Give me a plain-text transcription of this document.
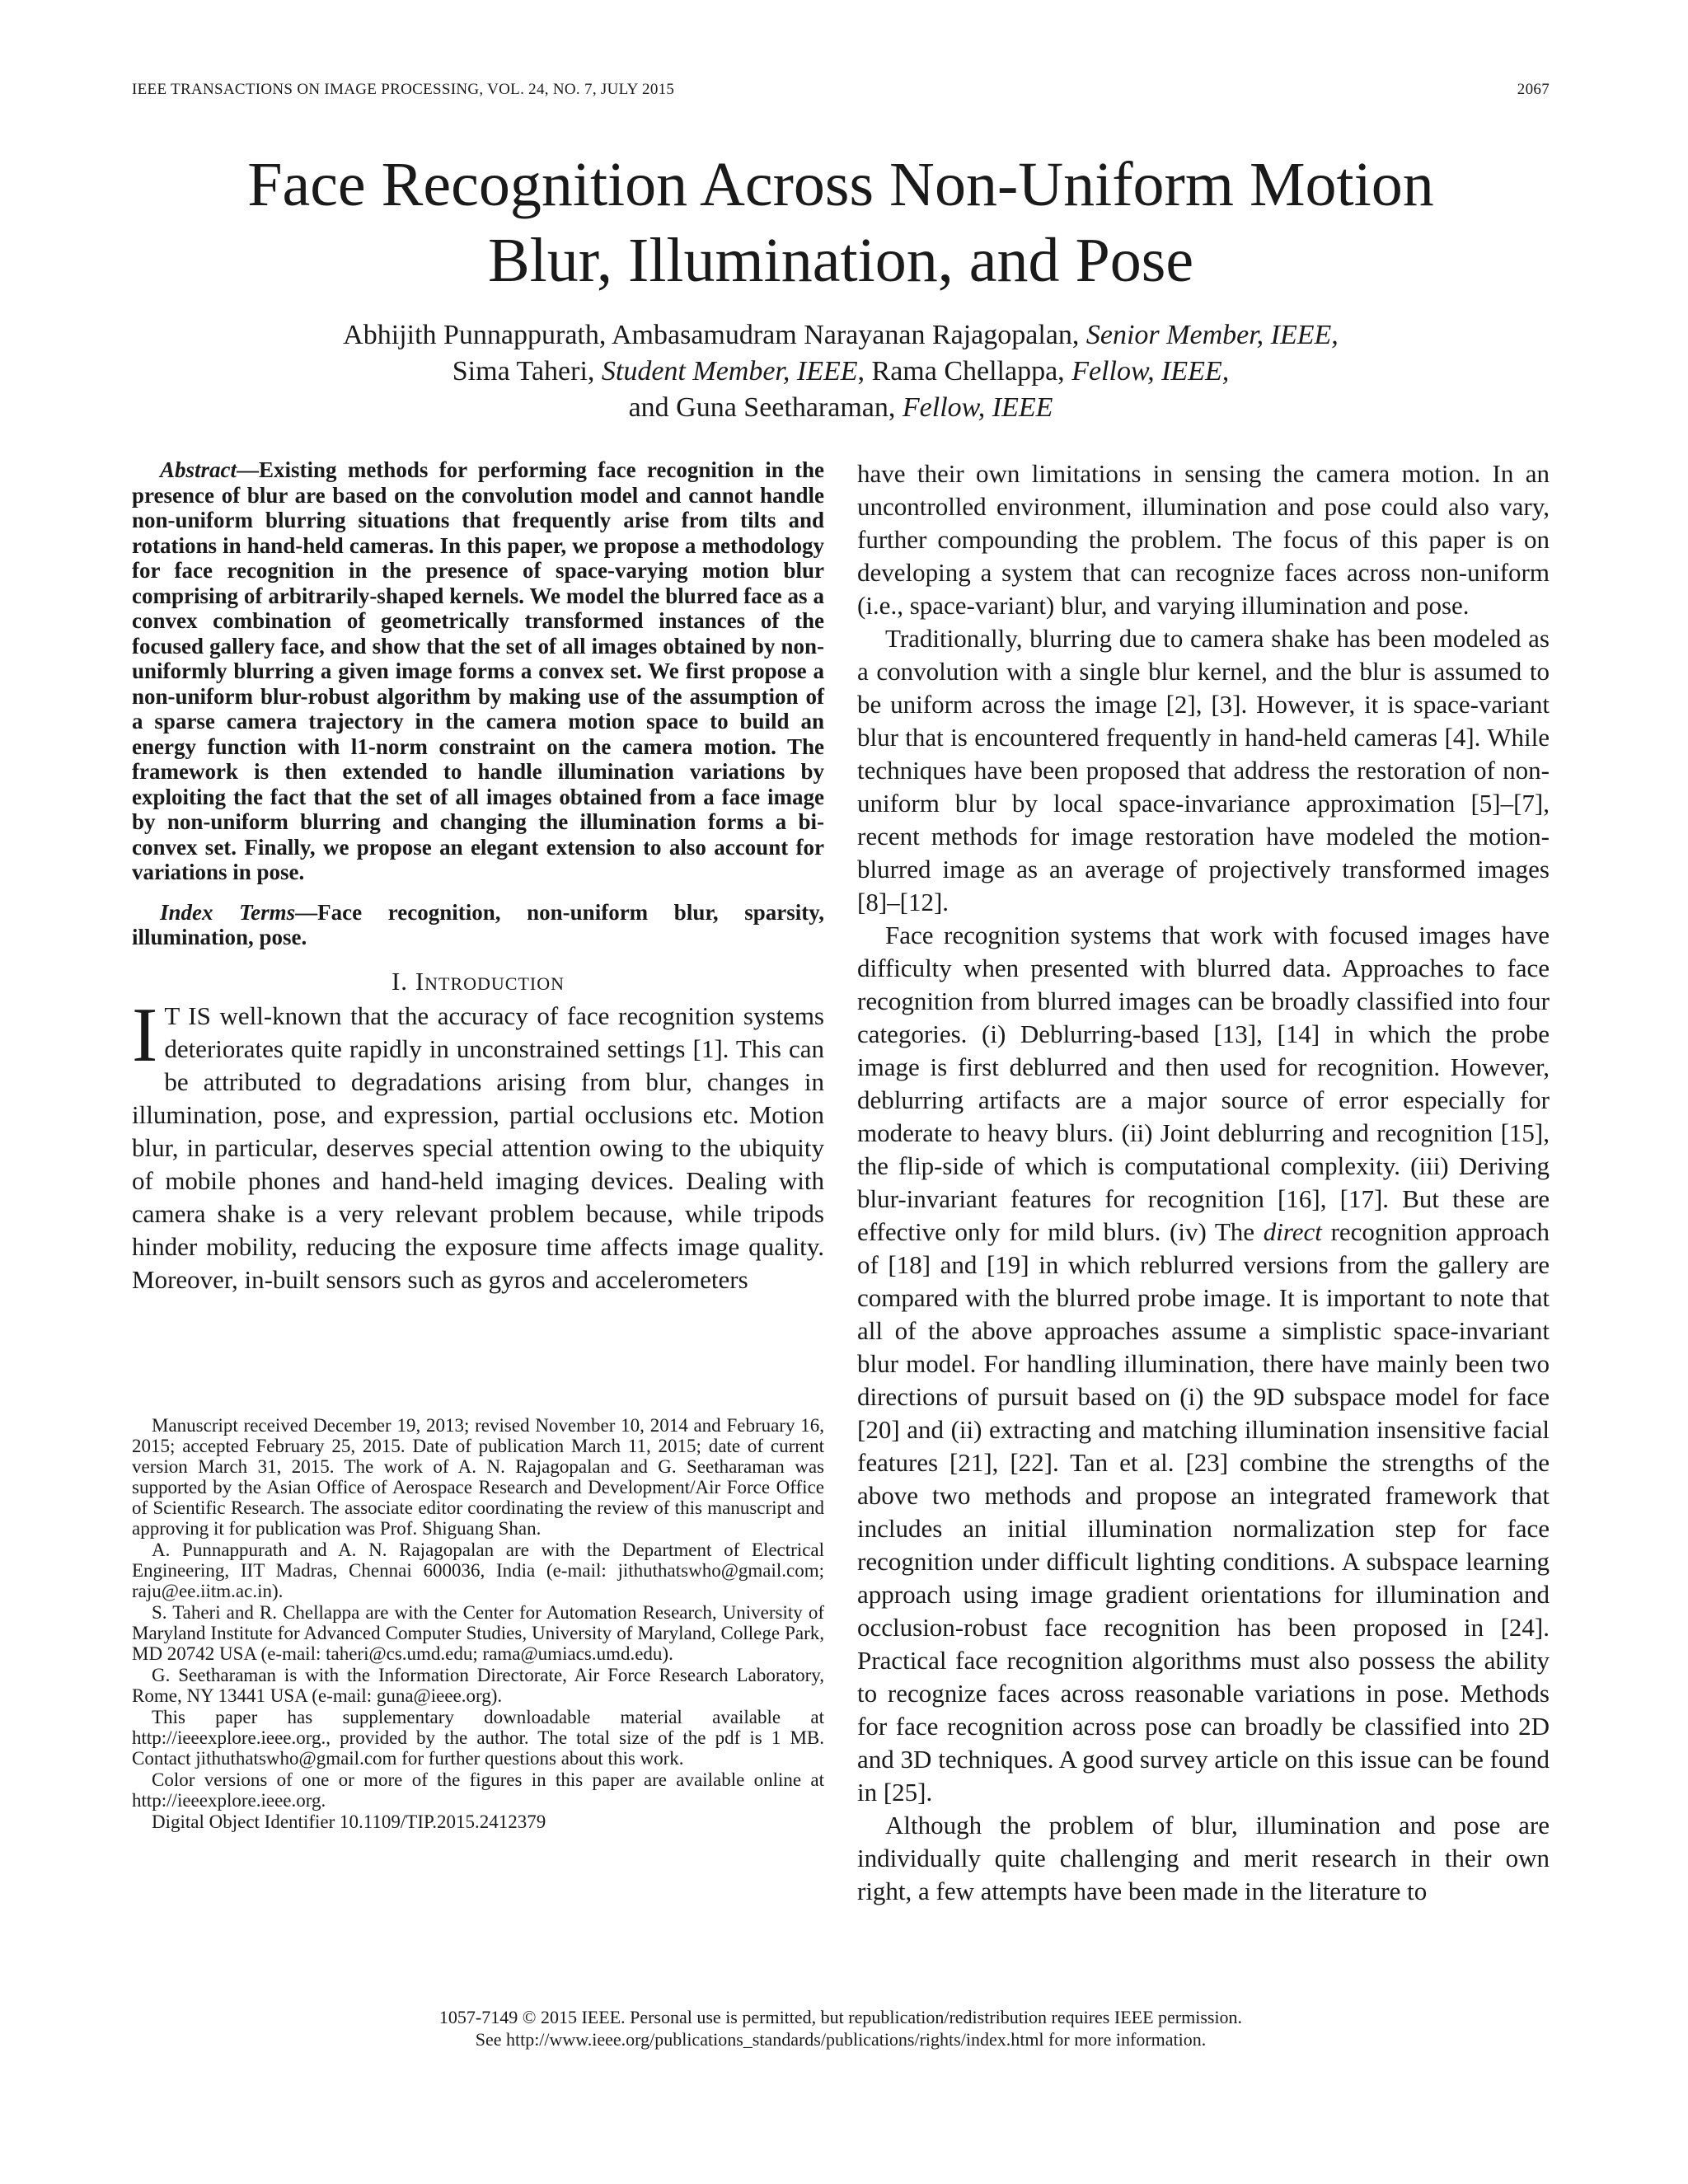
IEEE TRANSACTIONS ON IMAGE PROCESSING, VOL. 24, NO. 7, JULY 2015	2067
Face Recognition Across Non-Uniform Motion
Blur, Illumination, and Pose
Abhijith Punnappurath, Ambasamudram Narayanan Rajagopalan, Senior Member, IEEE,
Sima Taheri, Student Member, IEEE, Rama Chellappa, Fellow, IEEE,
and Guna Seetharaman, Fellow, IEEE

Abstract—Existing methods for performing face recognition in the presence of blur are based on the convolution model and cannot handle non-uniform blurring situations that frequently arise from tilts and rotations in hand-held cameras. In this paper, we propose a methodology for face recognition in the presence of space-varying motion blur comprising of arbitrarily-shaped kernels. We model the blurred face as a convex combination of geometrically transformed instances of the focused gallery face, and show that the set of all images obtained by non-uniformly blurring a given image forms a convex set. We first propose a non-uniform blur-robust algorithm by making use of the assumption of a sparse camera trajectory in the camera motion space to build an energy function with l1-norm constraint on the camera motion. The framework is then extended to handle illumination variations by exploiting the fact that the set of all images obtained from a face image by non-uniform blurring and changing the illumination forms a bi-convex set. Finally, we propose an elegant extension to also account for variations in pose.

Index Terms—Face recognition, non-uniform blur, sparsity, illumination, pose.

I. Introduction

I T IS well-known that the accuracy of face recognition systems deteriorates quite rapidly in unconstrained settings [1]. This can be attributed to degradations arising from blur, changes in illumination, pose, and expression, partial occlusions etc. Motion blur, in particular, deserves special attention owing to the ubiquity of mobile phones and hand-held imaging devices. Dealing with camera shake is a very relevant problem because, while tripods hinder mobility, reducing the exposure time affects image quality. Moreover, in-built sensors such as gyros and accelerometers

Manuscript received December 19, 2013; revised November 10, 2014 and February 16, 2015; accepted February 25, 2015. Date of publication March 11, 2015; date of current version March 31, 2015. The work of A. N. Rajagopalan and G. Seetharaman was supported by the Asian Office of Aerospace Research and Development/Air Force Office of Scientific Research. The associate editor coordinating the review of this manuscript and approving it for publication was Prof. Shiguang Shan.

A. Punnappurath and A. N. Rajagopalan are with the Department of Electrical Engineering, IIT Madras, Chennai 600036, India (e-mail: jithuthatswho@gmail.com; raju@ee.iitm.ac.in).

S. Taheri and R. Chellappa are with the Center for Automation Research, University of Maryland Institute for Advanced Computer Studies, University of Maryland, College Park, MD 20742 USA (e-mail: taheri@cs.umd.edu; rama@umiacs.umd.edu).

G. Seetharaman is with the Information Directorate, Air Force Research Laboratory, Rome, NY 13441 USA (e-mail: guna@ieee.org).

This paper has supplementary downloadable material available at http://ieeexplore.ieee.org., provided by the author. The total size of the pdf is 1 MB. Contact jithuthatswho@gmail.com for further questions about this work.

Color versions of one or more of the figures in this paper are available online at http://ieeexplore.ieee.org.

Digital Object Identifier 10.1109/TIP.2015.2412379

have their own limitations in sensing the camera motion. In an uncontrolled environment, illumination and pose could also vary, further compounding the problem. The focus of this paper is on developing a system that can recognize faces across non-uniform (i.e., space-variant) blur, and varying illumination and pose.

Traditionally, blurring due to camera shake has been modeled as a convolution with a single blur kernel, and the blur is assumed to be uniform across the image [2], [3]. However, it is space-variant blur that is encountered frequently in hand-held cameras [4]. While techniques have been proposed that address the restoration of non-uniform blur by local space-invariance approximation [5]–[7], recent methods for image restoration have modeled the motion-blurred image as an average of projectively transformed images [8]–[12].

Face recognition systems that work with focused images have difficulty when presented with blurred data. Approaches to face recognition from blurred images can be broadly classified into four categories. (i) Deblurring-based [13], [14] in which the probe image is first deblurred and then used for recognition. However, deblurring artifacts are a major source of error especially for moderate to heavy blurs. (ii) Joint deblurring and recognition [15], the flip-side of which is computational complexity. (iii) Deriving blur-invariant features for recognition [16], [17]. But these are effective only for mild blurs. (iv) The direct recognition approach of [18] and [19] in which reblurred versions from the gallery are compared with the blurred probe image. It is important to note that all of the above approaches assume a simplistic space-invariant blur model. For handling illumination, there have mainly been two directions of pursuit based on (i) the 9D subspace model for face [20] and (ii) extracting and matching illumination insensitive facial features [21], [22]. Tan et al. [23] combine the strengths of the above two methods and propose an integrated framework that includes an initial illumination normalization step for face recognition under difficult lighting conditions. A subspace learning approach using image gradient orientations for illumination and occlusion-robust face recognition has been proposed in [24]. Practical face recognition algorithms must also possess the ability to recognize faces across reasonable variations in pose. Methods for face recognition across pose can broadly be classified into 2D and 3D techniques. A good survey article on this issue can be found in [25].

Although the problem of blur, illumination and pose are individually quite challenging and merit research in their own right, a few attempts have been made in the literature to

1057-7149 © 2015 IEEE. Personal use is permitted, but republication/redistribution requires IEEE permission.
See http://www.ieee.org/publications_standards/publications/rights/index.html for more information.
